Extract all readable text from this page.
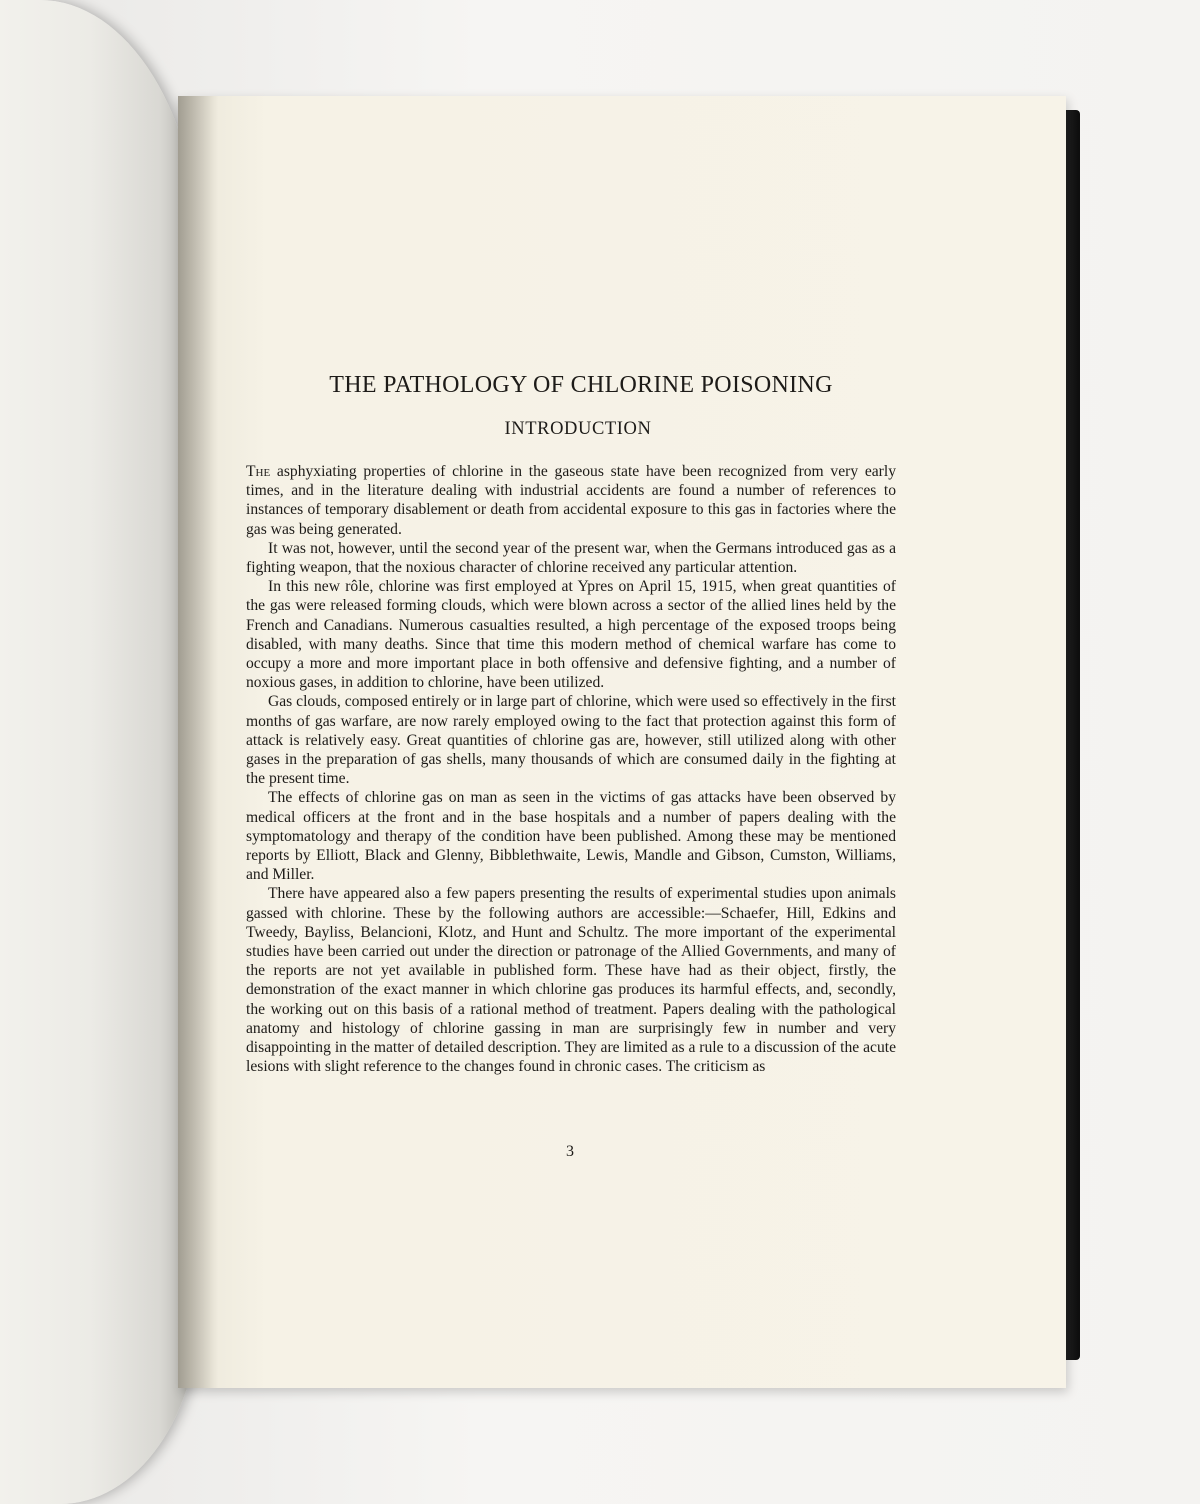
THE PATHOLOGY OF CHLORINE POISONING
INTRODUCTION

The asphyxiating properties of chlorine in the gaseous state have been recognized from very early times, and in the literature dealing with industrial accidents are found a number of references to instances of temporary disablement or death from accidental exposure to this gas in factories where the gas was being generated.

It was not, however, until the second year of the present war, when the Germans introduced gas as a fighting weapon, that the noxious character of chlorine received any particular attention.

In this new rôle, chlorine was first employed at Ypres on April 15, 1915, when great quantities of the gas were released forming clouds, which were blown across a sector of the allied lines held by the French and Canadians. Numerous casualties resulted, a high percentage of the exposed troops being disabled, with many deaths. Since that time this modern method of chemical warfare has come to occupy a more and more important place in both offensive and defensive fighting, and a number of noxious gases, in addition to chlorine, have been utilized.

Gas clouds, composed entirely or in large part of chlorine, which were used so effectively in the first months of gas warfare, are now rarely employed owing to the fact that protection against this form of attack is relatively easy. Great quantities of chlorine gas are, however, still utilized along with other gases in the preparation of gas shells, many thousands of which are consumed daily in the fighting at the present time.

The effects of chlorine gas on man as seen in the victims of gas attacks have been observed by medical officers at the front and in the base hospitals and a number of papers dealing with the symptomatology and therapy of the condition have been published. Among these may be mentioned reports by Elliott, Black and Glenny, Bibblethwaite, Lewis, Mandle and Gibson, Cumston, Williams, and Miller.

There have appeared also a few papers presenting the results of experimental studies upon animals gassed with chlorine. These by the following authors are accessible:—Schaefer, Hill, Edkins and Tweedy, Bayliss, Belancioni, Klotz, and Hunt and Schultz. The more important of the experimental studies have been carried out under the direction or patronage of the Allied Governments, and many of the reports are not yet available in published form. These have had as their object, firstly, the demonstration of the exact manner in which chlorine gas produces its harmful effects, and, secondly, the working out on this basis of a rational method of treatment. Papers dealing with the pathological anatomy and histology of chlorine gassing in man are surprisingly few in number and very disappointing in the matter of detailed description. They are limited as a rule to a discussion of the acute lesions with slight reference to the changes found in chronic cases. The criticism as

3
